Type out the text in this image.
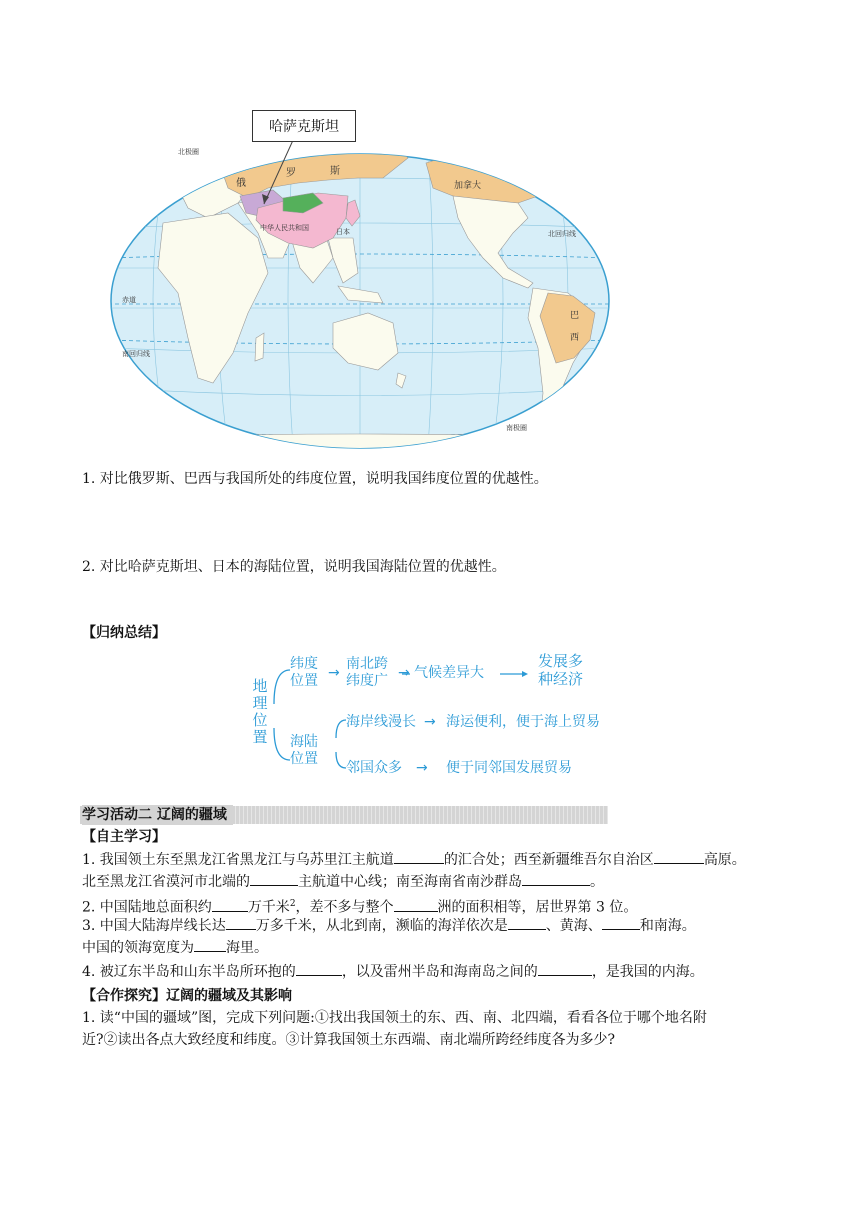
北极圈
北回归线
赤道
南回归线
南极圈
俄
罗	斯
加拿大
巴
西
中华人民共和国	日本
哈萨克斯坦
1. 对比俄罗斯、巴西与我国所处的纬度位置，说明我国纬度位置的优越性。
2. 对比哈萨克斯坦、日本的海陆位置，说明我国海陆位置的优越性。
【归纳总结】
地
理
位
置
纬度
位置 →
南北跨
纬度广 → 气候差异大
发展多
种经济
海陆
位置
海岸线漫长 → 海运便利，便于海上贸易
邻国众多 → 便于同邻国发展贸易
学习活动二 辽阔的疆域
【自主学习】
1. 我国领土东至黑龙江省黑龙江与乌苏里江主航道	的汇合处；西至新疆维吾尔自治区	高原。
北至黑龙江省漠河市北端的	主航道中心线；南至海南省南沙群岛	。
2. 中国陆地总面积约	万千米$^2$，差不多与整个	洲的面积相等，居世界第 3 位。
3. 中国大陆海岸线长达 万多千米，从北到南，濒临的海洋依次是	、黄海、	和南海。
中国的领海宽度为 海里。
4. 被辽东半岛和山东半岛所环抱的	，以及雷州半岛和海南岛之间的	，是我国的内海。
【合作探究】辽阔的疆域及其影响
1. 读“中国的疆域”图，完成下列问题:①找出我国领土的东、西、南、北四端，看看各位于哪个地名附
近?②读出各点大致经度和纬度。③计算我国领土东西端、南北端所跨经纬度各为多少?
